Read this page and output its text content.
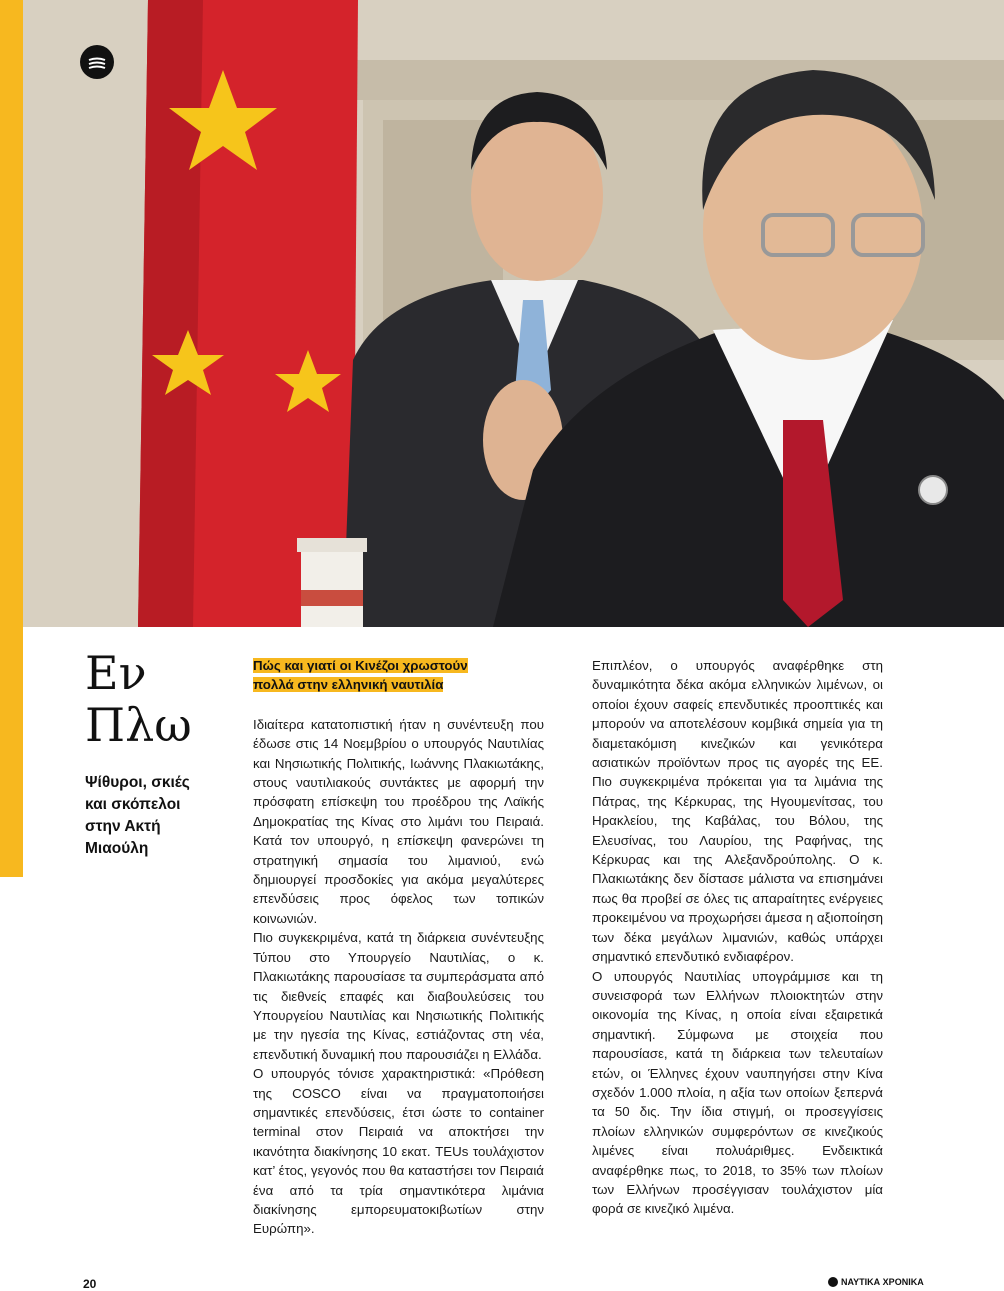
Εν
Πλω

Ψίθυροι, σκιές και σκόπελοι στην Ακτή Μιαούλη

Πώς και γιατί οι Κινέζοι χρωστούν
πολλά στην ελληνική ναυτιλία

Ιδιαίτερα κατατοπιστική ήταν η συνέντευξη που έδωσε στις 14 Νοεμβρίου ο υπουργός Ναυτιλίας και Νησιωτικής Πολιτικής, Ιωάννης Πλακιωτάκης, στους ναυτιλιακούς συντάκτες με αφορμή την πρόσφατη επίσκεψη του προέδρου της Λαϊκής Δημοκρατίας της Κίνας στο λιμάνι του Πειραιά. Κατά τον υπουργό, η επίσκεψη φανερώνει τη στρατηγική σημασία του λιμανιού, ενώ δημιουργεί προσδοκίες για ακόμα μεγαλύτερες επενδύσεις προς όφελος των τοπικών κοινωνιών.

Πιο συγκεκριμένα, κατά τη διάρκεια συνέντευξης Τύπου στο Υπουργείο Ναυτιλίας, ο κ. Πλακιωτάκης παρουσίασε τα συμπεράσματα από τις διεθνείς επαφές και διαβουλεύσεις του Υπουργείου Ναυτιλίας και Νησιωτικής Πολιτικής με την ηγεσία της Κίνας, εστιάζοντας στη νέα, επενδυτική δυναμική που παρουσιάζει η Ελλάδα.

Ο υπουργός τόνισε χαρακτηριστικά: «Πρόθεση της COSCO είναι να πραγματοποιήσει σημαντικές επενδύσεις, έτσι ώστε το container terminal στον Πειραιά να αποκτήσει την ικανότητα διακίνησης 10 εκατ. TEUs τουλάχιστον κατ’ έτος, γεγονός που θα καταστήσει τον Πειραιά ένα από τα τρία σημαντικότερα λιμάνια διακίνησης εμπορευματοκιβωτίων στην Ευρώπη».

Επιπλέον, ο υπουργός αναφέρθηκε στη δυναμικότητα δέκα ακόμα ελληνικών λιμένων, οι οποίοι έχουν σαφείς επενδυτικές προοπτικές και μπορούν να αποτελέσουν κομβικά σημεία για τη διαμετακόμιση κινεζικών και γενικότερα ασιατικών προϊόντων προς τις αγορές της ΕΕ. Πιο συγκεκριμένα πρόκειται για τα λιμάνια της Πάτρας, της Κέρκυρας, της Ηγουμενίτσας, του Ηρακλείου, της Καβάλας, του Βόλου, της Ελευσίνας, του Λαυρίου, της Ραφήνας, της Κέρκυρας και της Αλεξανδρούπολης. Ο κ. Πλακιωτάκης δεν δίστασε μάλιστα να επισημάνει πως θα προβεί σε όλες τις απαραίτητες ενέργειες προκειμένου να προχωρήσει άμεσα η αξιοποίηση των δέκα μεγάλων λιμανιών, καθώς υπάρχει σημαντικό επενδυτικό ενδιαφέρον.

Ο υπουργός Ναυτιλίας υπογράμμισε και τη συνεισφορά των Ελλήνων πλοιοκτητών στην οικονομία της Κίνας, η οποία είναι εξαιρετικά σημαντική. Σύμφωνα με στοιχεία που παρουσίασε, κατά τη διάρκεια των τελευταίων ετών, οι Έλληνες έχουν ναυπηγήσει στην Κίνα σχεδόν 1.000 πλοία, η αξία των οποίων ξεπερνά τα 50 δις. Την ίδια στιγμή, οι προσεγγίσεις πλοίων ελληνικών συμφερόντων σε κινεζικούς λιμένες είναι πολυάριθμες. Ενδεικτικά αναφέρθηκε πως, το 2018, το 35% των πλοίων των Ελλήνων προσέγγισαν τουλάχιστον μία φορά σε κινεζικό λιμένα.

20	ΝΑΥΤΙΚΑ ΧΡΟΝΙΚΑ
